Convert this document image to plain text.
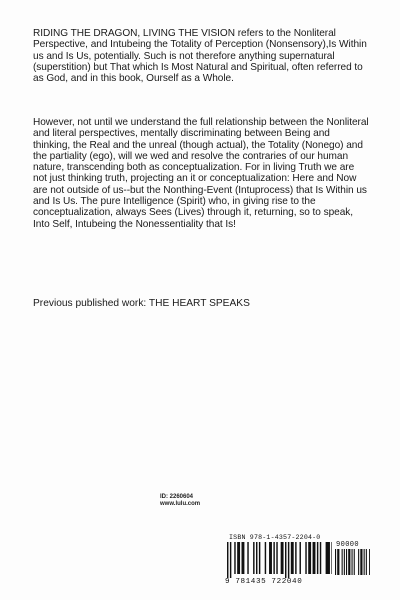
RIDING THE DRAGON, LIVING THE VISION refers to the Nonliteral Perspective, and Intubeing the Totality of Perception (Nonsensory),Is Within us and Is Us, potentially. Such is not therefore anything supernatural (superstition) but That which Is Most Natural and Spiritual, often referred to as God, and in this book, Ourself as a Whole.

However, not until we understand the full relationship between the Nonliteral and literal perspectives, mentally discriminating between Being and thinking, the Real and the unreal (though actual), the Totality (Nonego) and the partiality (ego), will we wed and resolve the contraries of our human nature, transcending both as conceptualization. For in living Truth we are not just thinking truth, projecting an it or conceptualization: Here and Now are not outside of us--but the Nonthing-Event (Intuprocess) that Is Within us and Is Us. The pure Intelligence (Spirit) who, in giving rise to the conceptualization, always Sees (Lives) through it, returning, so to speak, Into Self, Intubeing the Nonessentiality that Is!

Previous published work: THE HEART SPEAKS
ID: 2260604
www.lulu.com
ISBN 978-1-4357-2204-0
90000
9 781435 722040
